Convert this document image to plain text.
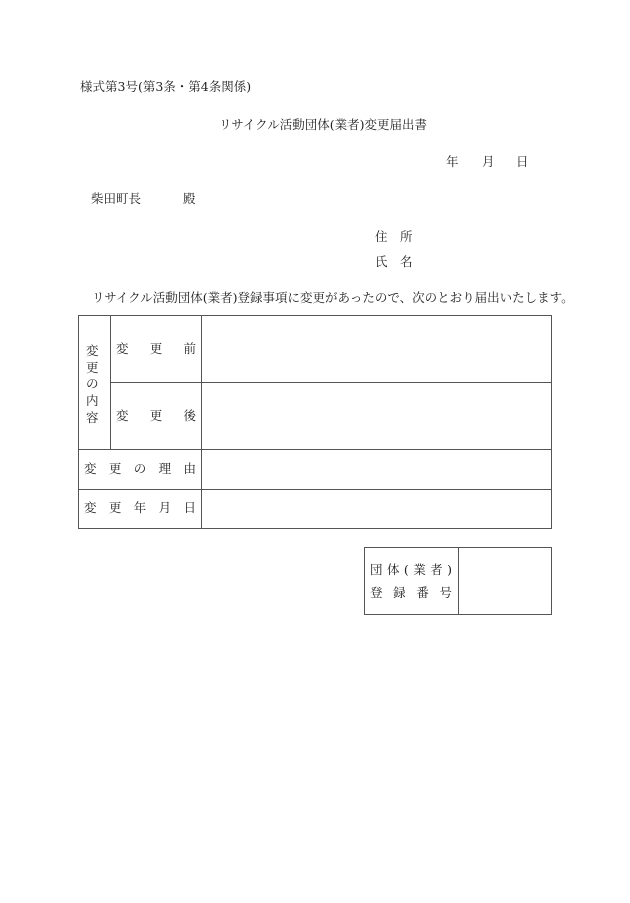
様式第3号(第3条・第4条関係)
リサイクル活動団体(業者)変更届出書
年 月 日
柴田町長	殿
住　所
氏　名
リサイクル活動団体(業者)登録事項に変更があったので、次のとおり届出いたします。
変
更
の
内
容
変更前
変更後
変更の理由
変更年月日
団体(業者)
登録番号
